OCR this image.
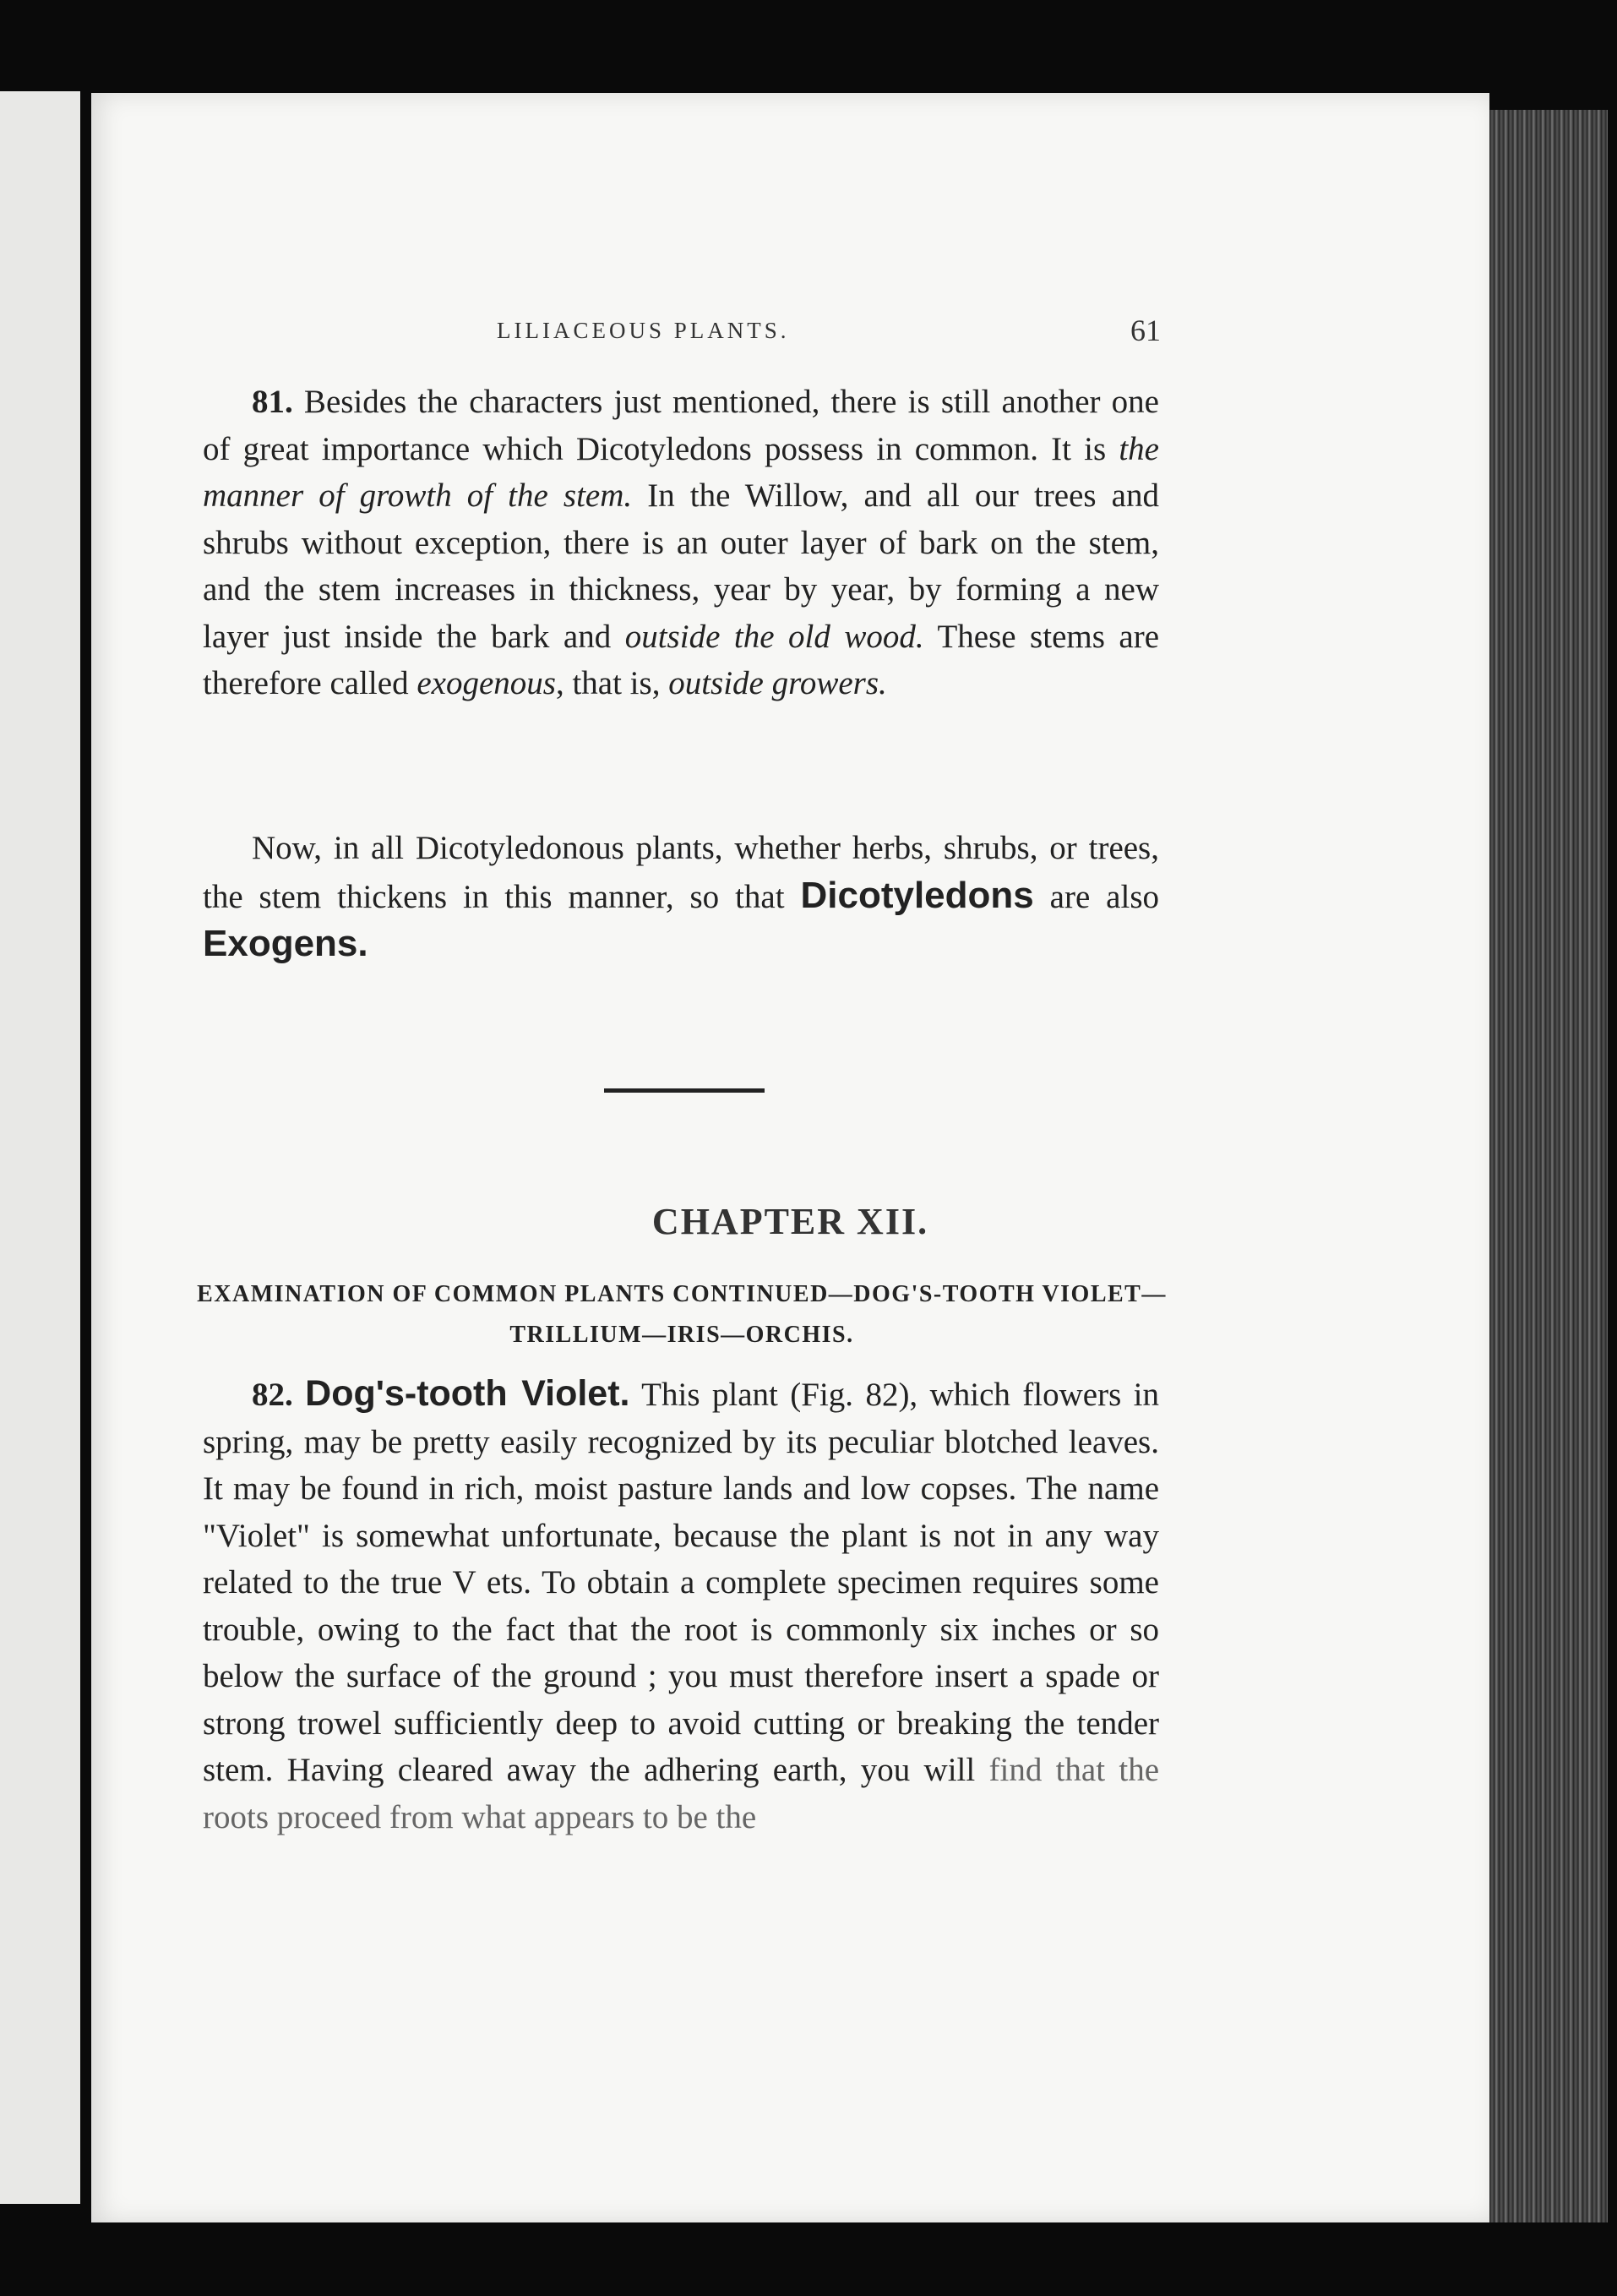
LILIACEOUS PLANTS.	61

81. Besides the characters just mentioned, there is still another one of great importance which Dicotyledons possess in common. It is the manner of growth of the stem. In the Willow, and all our trees and shrubs without exception, there is an outer layer of bark on the stem, and the stem increases in thickness, year by year, by forming a new layer just inside the bark and outside the old wood. These stems are therefore called exogenous, that is, outside growers.

Now, in all Dicotyledonous plants, whether herbs, shrubs, or trees, the stem thickens in this manner, so that Dicotyledons are also Exogens.

CHAPTER XII.

EXAMINATION OF COMMON PLANTS CONTINUED—DOG'S-TOOTH VIOLET—TRILLIUM—IRIS—ORCHIS.

82. Dog's-tooth Violet. This plant (Fig. 82), which flowers in spring, may be pretty easily recognized by its peculiar blotched leaves. It may be found in rich, moist pasture lands and low copses. The name "Violet" is somewhat unfortunate, because the plant is not in any way related to the true V ets. To obtain a complete specimen requires some trouble, owing to the fact that the root is commonly six inches or so below the surface of the ground ; you must therefore insert a spade or strong trowel sufficiently deep to avoid cutting or breaking the tender stem. Having cleared away the adhering earth, you will find that the roots proceed from what appears to be the
